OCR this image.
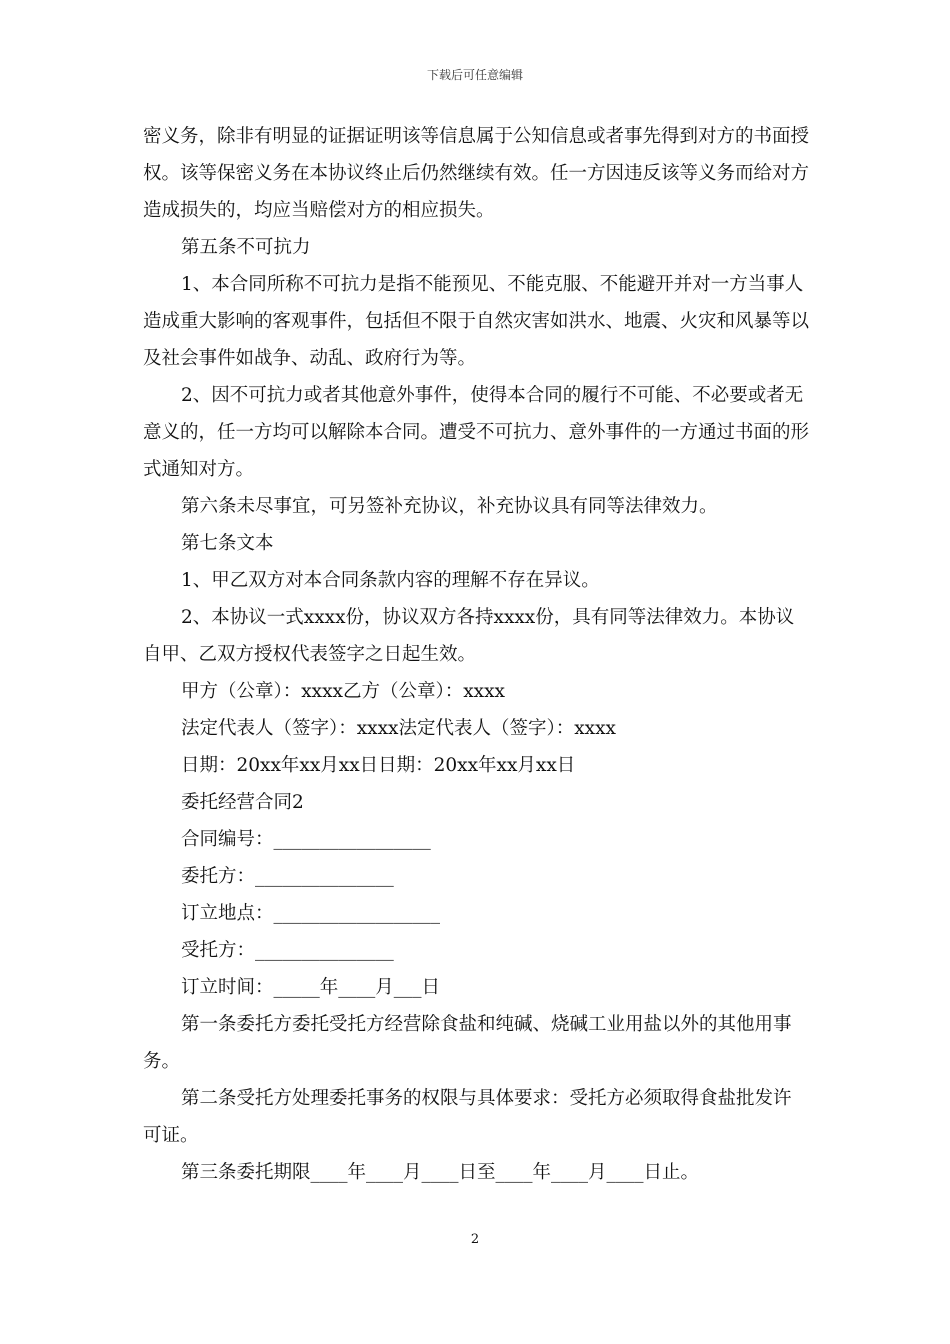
下载后可任意编辑

密义务，除非有明显的证据证明该等信息属于公知信息或者事先得到对方的书面授权。该等保密义务在本协议终止后仍然继续有效。任一方因违反该等义务而给对方造成损失的，均应当赔偿对方的相应损失。

第五条不可抗力

1、本合同所称不可抗力是指不能预见、不能克服、不能避开并对一方当事人造成重大影响的客观事件，包括但不限于自然灾害如洪水、地震、火灾和风暴等以及社会事件如战争、动乱、政府行为等。

2、因不可抗力或者其他意外事件，使得本合同的履行不可能、不必要或者无意义的，任一方均可以解除本合同。遭受不可抗力、意外事件的一方通过书面的形式通知对方。

第六条未尽事宜，可另签补充协议，补充协议具有同等法律效力。

第七条文本

1、甲乙双方对本合同条款内容的理解不存在异议。

2、本协议一式xxxx份，协议双方各持xxxx份，具有同等法律效力。本协议自甲、乙双方授权代表签字之日起生效。

甲方（公章）：xxxx乙方（公章）：xxxx

法定代表人（签字）：xxxx法定代表人（签字）：xxxx

日期：20xx年xx月xx日日期：20xx年xx月xx日

委托经营合同2

合同编号：_________________

委托方：_______________

订立地点：__________________

受托方：_______________

订立时间：_____年____月___日

第一条委托方委托受托方经营除食盐和纯碱、烧碱工业用盐以外的其他用事务。

第二条受托方处理委托事务的权限与具体要求：受托方必须取得食盐批发许可证。

第三条委托期限____年____月____日至____年____月____日止。

2
